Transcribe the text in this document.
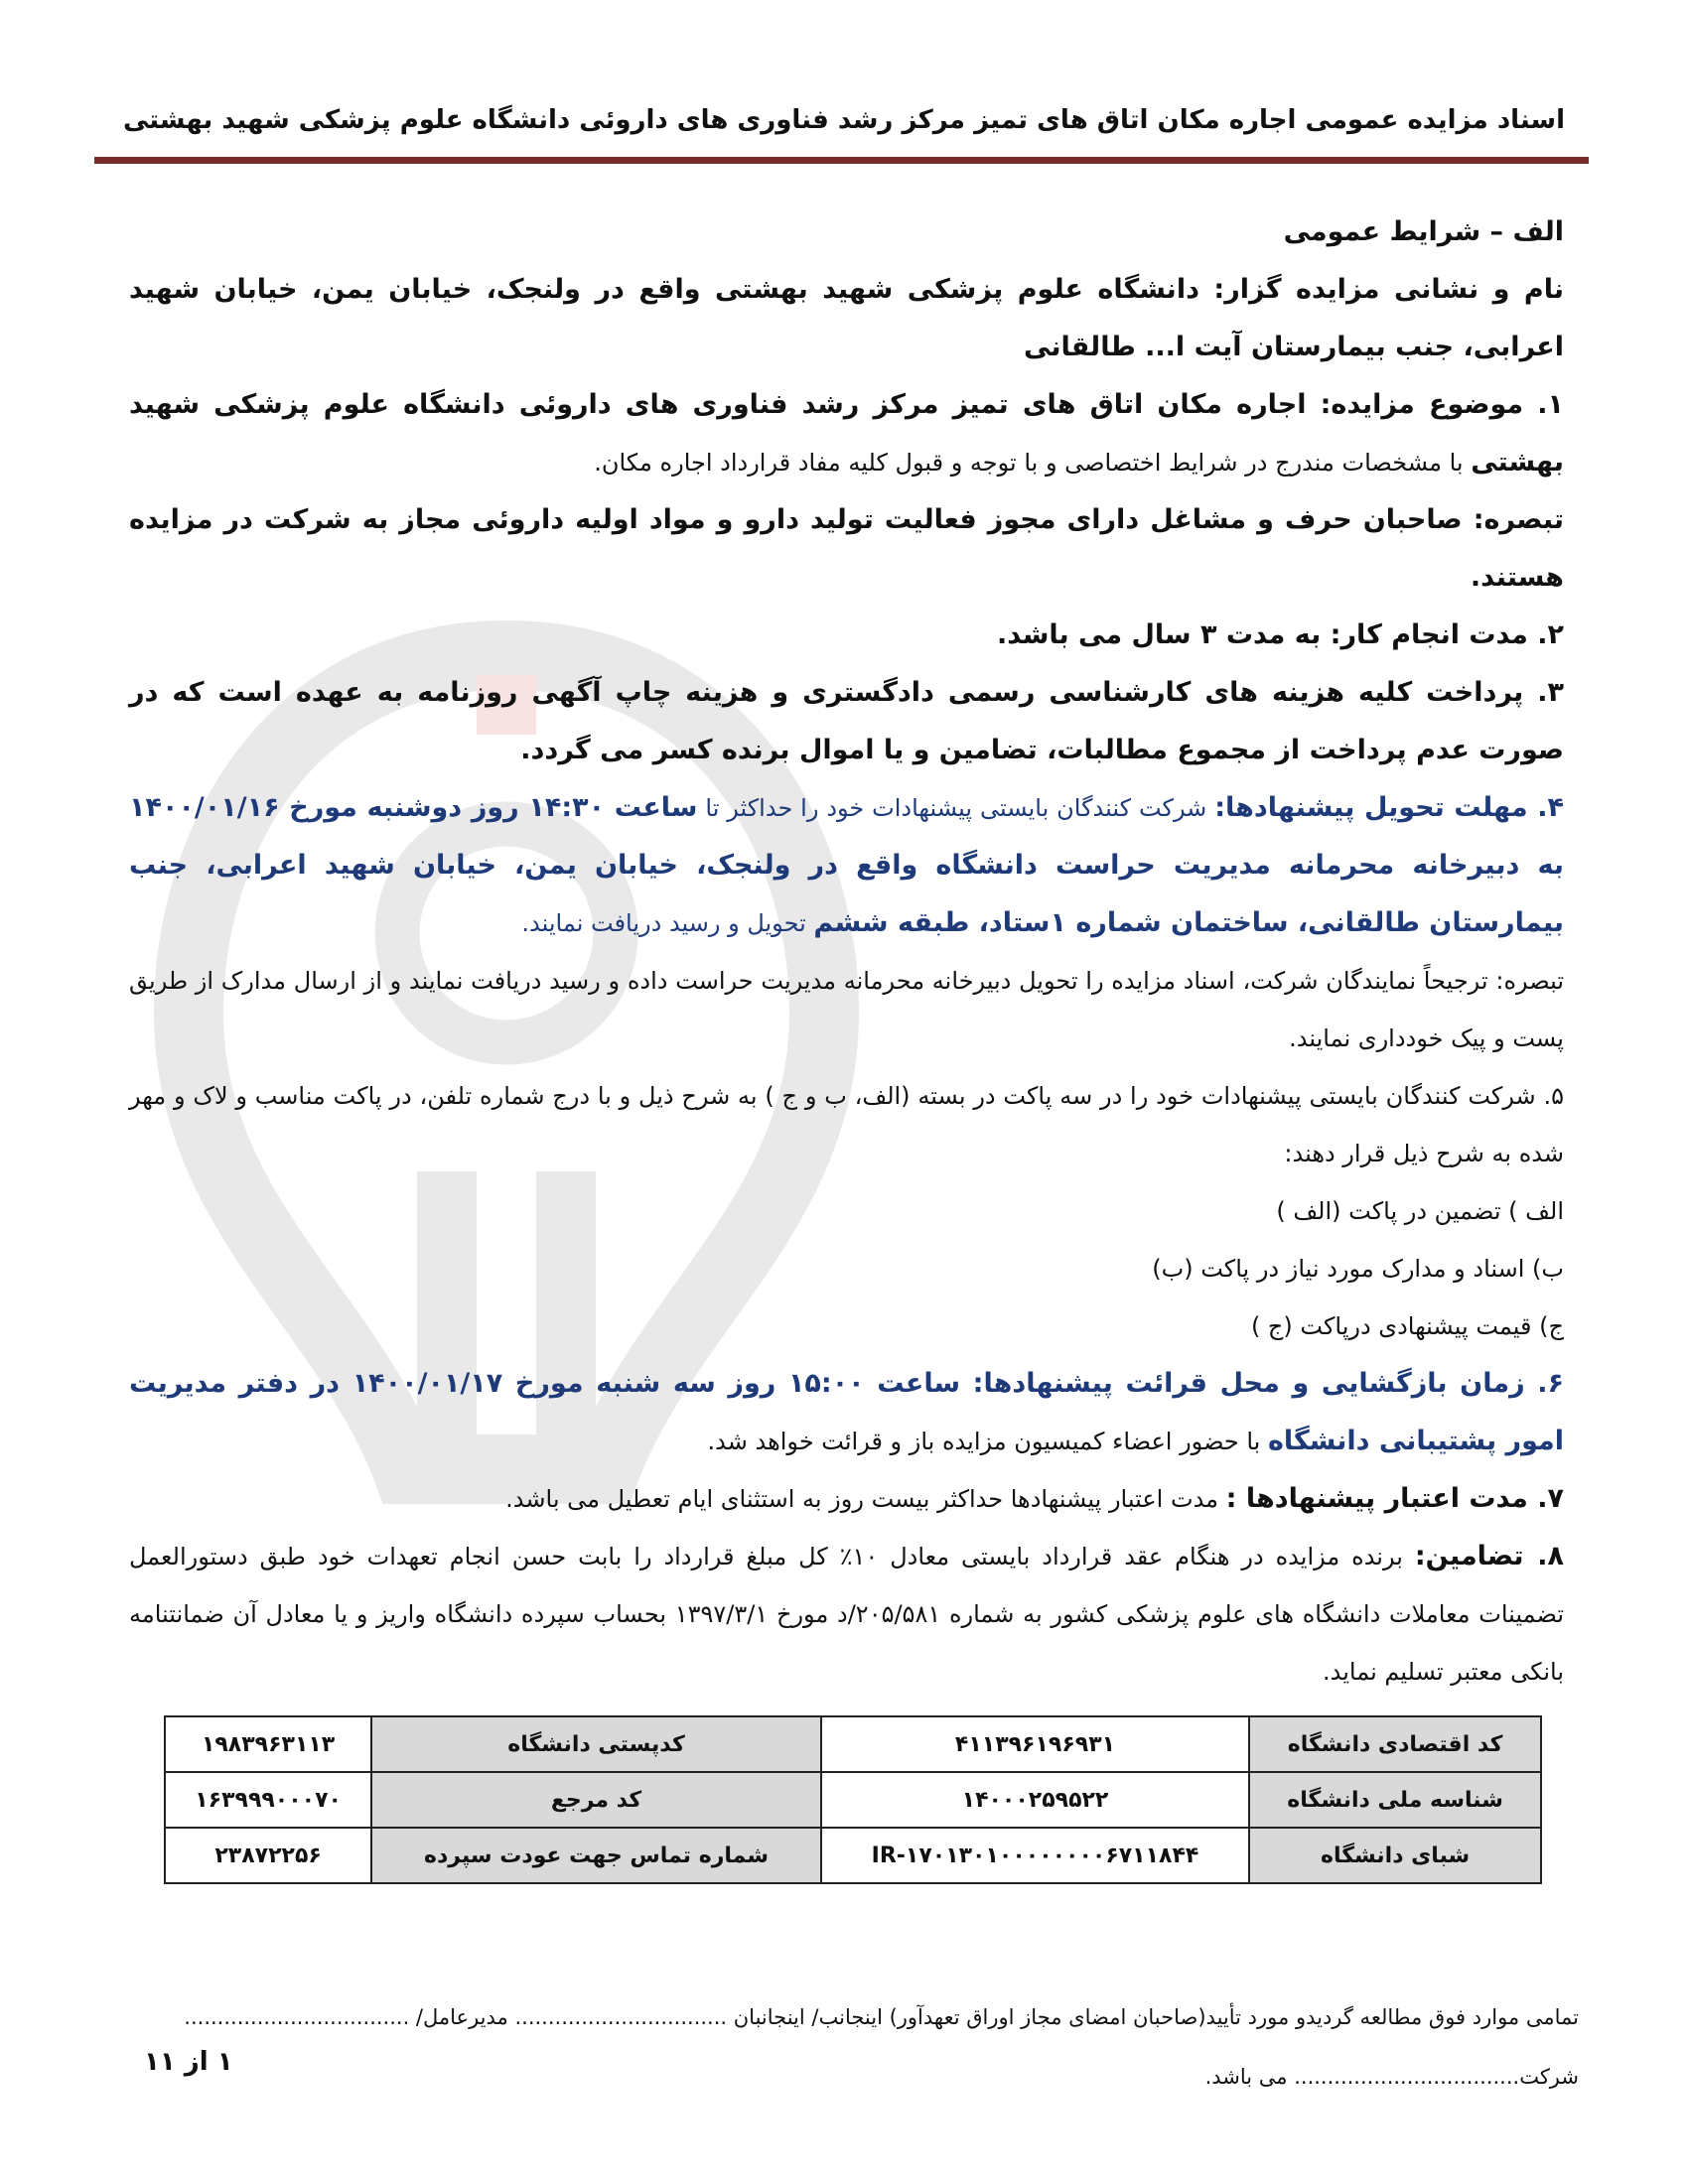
اسناد مزایده عمومی اجاره مکان اتاق های تمیز مرکز رشد فناوری های داروئی دانشگاه علوم پزشکی شهید بهشتی

الف – شرایط عمومی

نام و نشانی مزایده گزار: دانشگاه علوم پزشکی شهید بهشتی واقع در ولنجک، خیابان یمن، خیابان شهید اعرابی، جنب بیمارستان آیت ا... طالقانی

۱. موضوع مزایده: اجاره مکان اتاق های تمیز مرکز رشد فناوری های داروئی دانشگاه علوم پزشکی شهید بهشتی با مشخصات مندرج در شرایط اختصاصی و با توجه و قبول کلیه مفاد قرارداد اجاره مکان.

تبصره: صاحبان حرف و مشاغل دارای مجوز فعالیت تولید دارو و مواد اولیه داروئی مجاز به شرکت در مزایده هستند.

۲. مدت انجام کار: به مدت ۳ سال می باشد.

۳. پرداخت کلیه هزینه های کارشناسی رسمی دادگستری و هزینه چاپ آگهی روزنامه به عهده است که در صورت عدم پرداخت از مجموع مطالبات، تضامین و یا اموال برنده کسر می گردد.

۴. مهلت تحویل پیشنهادها: شرکت کنندگان بایستی پیشنهادات خود را حداکثر تا ساعت ۱۴:۳۰ روز دوشنبه مورخ ۱۴۰۰/۰۱/۱۶ به دبیرخانه محرمانه مدیریت حراست دانشگاه واقع در ولنجک، خیابان یمن، خیابان شهید اعرابی، جنب بیمارستان طالقانی، ساختمان شماره ۱ستاد، طبقه ششم تحویل و رسید دریافت نمایند.

تبصره: ترجیحاً نمایندگان شرکت، اسناد مزایده را تحویل دبیرخانه محرمانه مدیریت حراست داده و رسید دریافت نمایند و از ارسال مدارک از طریق پست و پیک خودداری نمایند.

۵. شرکت کنندگان بایستی پیشنهادات خود را در سه پاکت در بسته (الف، ب و ج ) به شرح ذیل و با درج شماره تلفن، در پاکت مناسب و لاک و مهر شده به شرح ذیل قرار دهند:

الف ) تضمین در پاکت (الف )

ب) اسناد و مدارک مورد نیاز در پاکت (ب)

ج) قیمت پیشنهادی درپاکت (ج )

۶. زمان بازگشایی و محل قرائت پیشنهادها: ساعت ۱۵:۰۰ روز سه شنبه مورخ ۱۴۰۰/۰۱/۱۷ در دفتر مدیریت امور پشتیبانی دانشگاه با حضور اعضاء کمیسیون مزایده باز و قرائت خواهد شد.

۷. مدت اعتبار پیشنهادها : مدت اعتبار پیشنهادها حداکثر بیست روز به استثنای ایام تعطیل می باشد.

۸. تضامین: برنده مزایده در هنگام عقد قرارداد بایستی معادل ۱۰٪ کل مبلغ قرارداد را بابت حسن انجام تعهدات خود طبق دستورالعمل تضمینات معاملات دانشگاه های علوم پزشکی کشور به شماره ۲۰۵/۵۸۱/د مورخ ۱۳۹۷/۳/۱ بحساب سپرده دانشگاه واریز و یا معادل آن ضمانتنامه بانکی معتبر تسلیم نماید.

کد اقتصادی دانشگاه	۴۱۱۳۹۶۱۹۶۹۳۱	کدپستی دانشگاه	۱۹۸۳۹۶۳۱۱۳
شناسه ملی دانشگاه	۱۴۰۰۰۲۵۹۵۲۲	کد مرجع	۱۶۳۹۹۹۰۰۰۷۰
شبای دانشگاه	IR-۱۷۰۱۳۰۱۰۰۰۰۰۰۰۰۶۷۱۱۸۴۴	شماره تماس جهت عودت سپرده	۲۳۸۷۲۲۵۶
تمامی موارد فوق مطالعه گردیدو مورد تأیید(صاحبان امضای مجاز اوراق تعهدآور) اینجانب/ اینجانبان ................................ مدیرعامل/ ..................................
شرکت.................................. می باشد.
۱ از ۱۱
